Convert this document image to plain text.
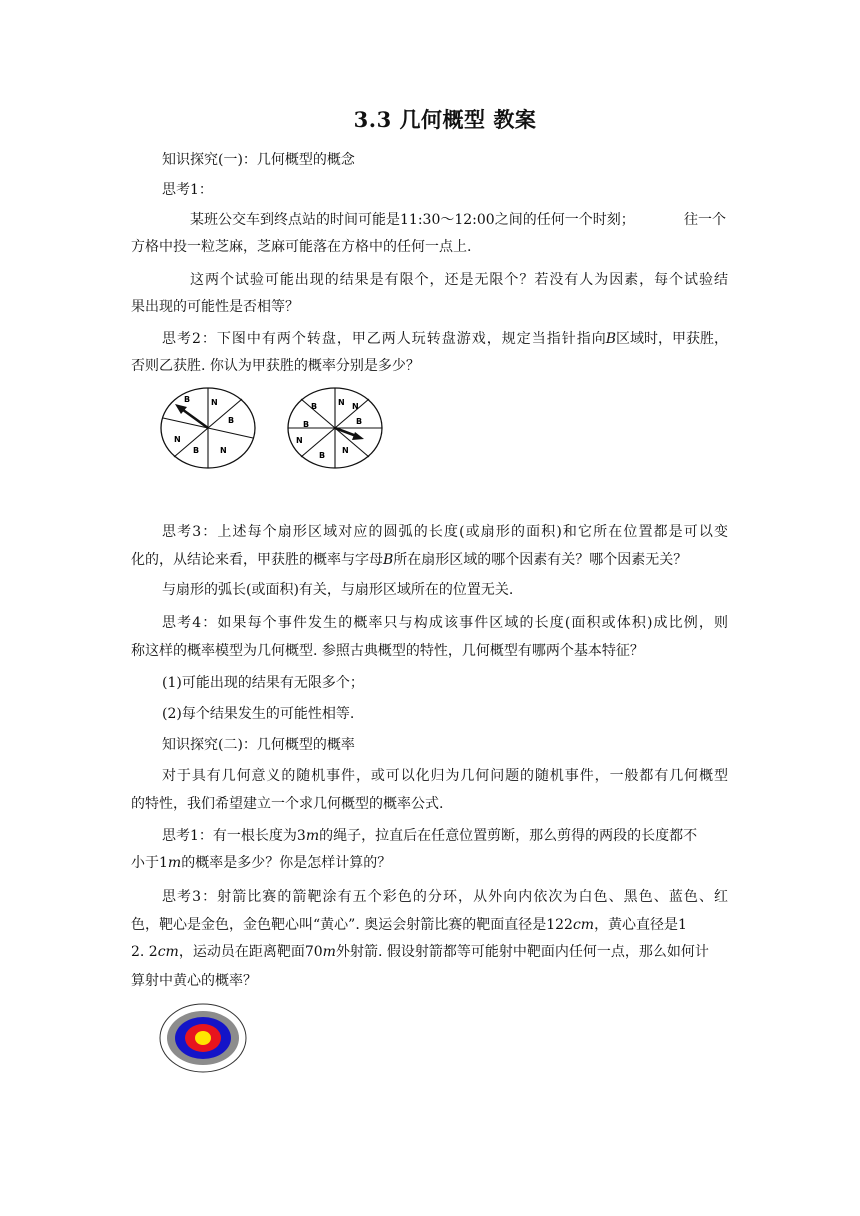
3.3 几何概型 教案
知识探究(一)：几何概型的概念
思考1：
某班公交车到终点站的时间可能是11:30～12:00之间的任何一个时刻；	往一个
方格中投一粒芝麻，芝麻可能落在方格中的任何一点上.
这两个试验可能出现的结果是有限个，还是无限个？若没有人为因素，每个试验结
果出现的可能性是否相等？
思考2：下图中有两个转盘，甲乙两人玩转盘游戏，规定当指针指向 B 区域时，甲获胜，
否则乙获胜. 你认为甲获胜的概率分别是多少？
B	N
B
N
B	N
B	N
B
N
B
N
B
N
思考3：上述每个扇形区域对应的圆弧的长度(或扇形的面积)和它所在位置都是可以变
化的，从结论来看，甲获胜的概率与字母B所在扇形区域的哪个因素有关？哪个因素无关？
与扇形的弧长(或面积)有关，与扇形区域所在的位置无关.
思考4：如果每个事件发生的概率只与构成该事件区域的长度(面积或体积)成比例，则
称这样的概率模型为几何概型. 参照古典概型的特性，几何概型有哪两个基本特征？
(1)可能出现的结果有无限多个；
(2)每个结果发生的可能性相等.
知识探究(二)：几何概型的概率
对于具有几何意义的随机事件，或可以化归为几何问题的随机事件，一般都有几何概型
的特性，我们希望建立一个求几何概型的概率公式.
思考1：有一根长度为3m的绳子，拉直后在任意位置剪断，那么剪得的两段的长度都不
小于1m的概率是多少？你是怎样计算的？
思考3：射箭比赛的箭靶涂有五个彩色的分环，从外向内依次为白色、黑色、蓝色、红
色，靶心是金色，金色靶心叫“黄心”. 奥运会射箭比赛的靶面直径是122cm，黄心直径是1
2. 2cm，运动员在距离靶面70m外射箭. 假设射箭都等可能射中靶面内任何一点，那么如何计
算射中黄心的概率？
